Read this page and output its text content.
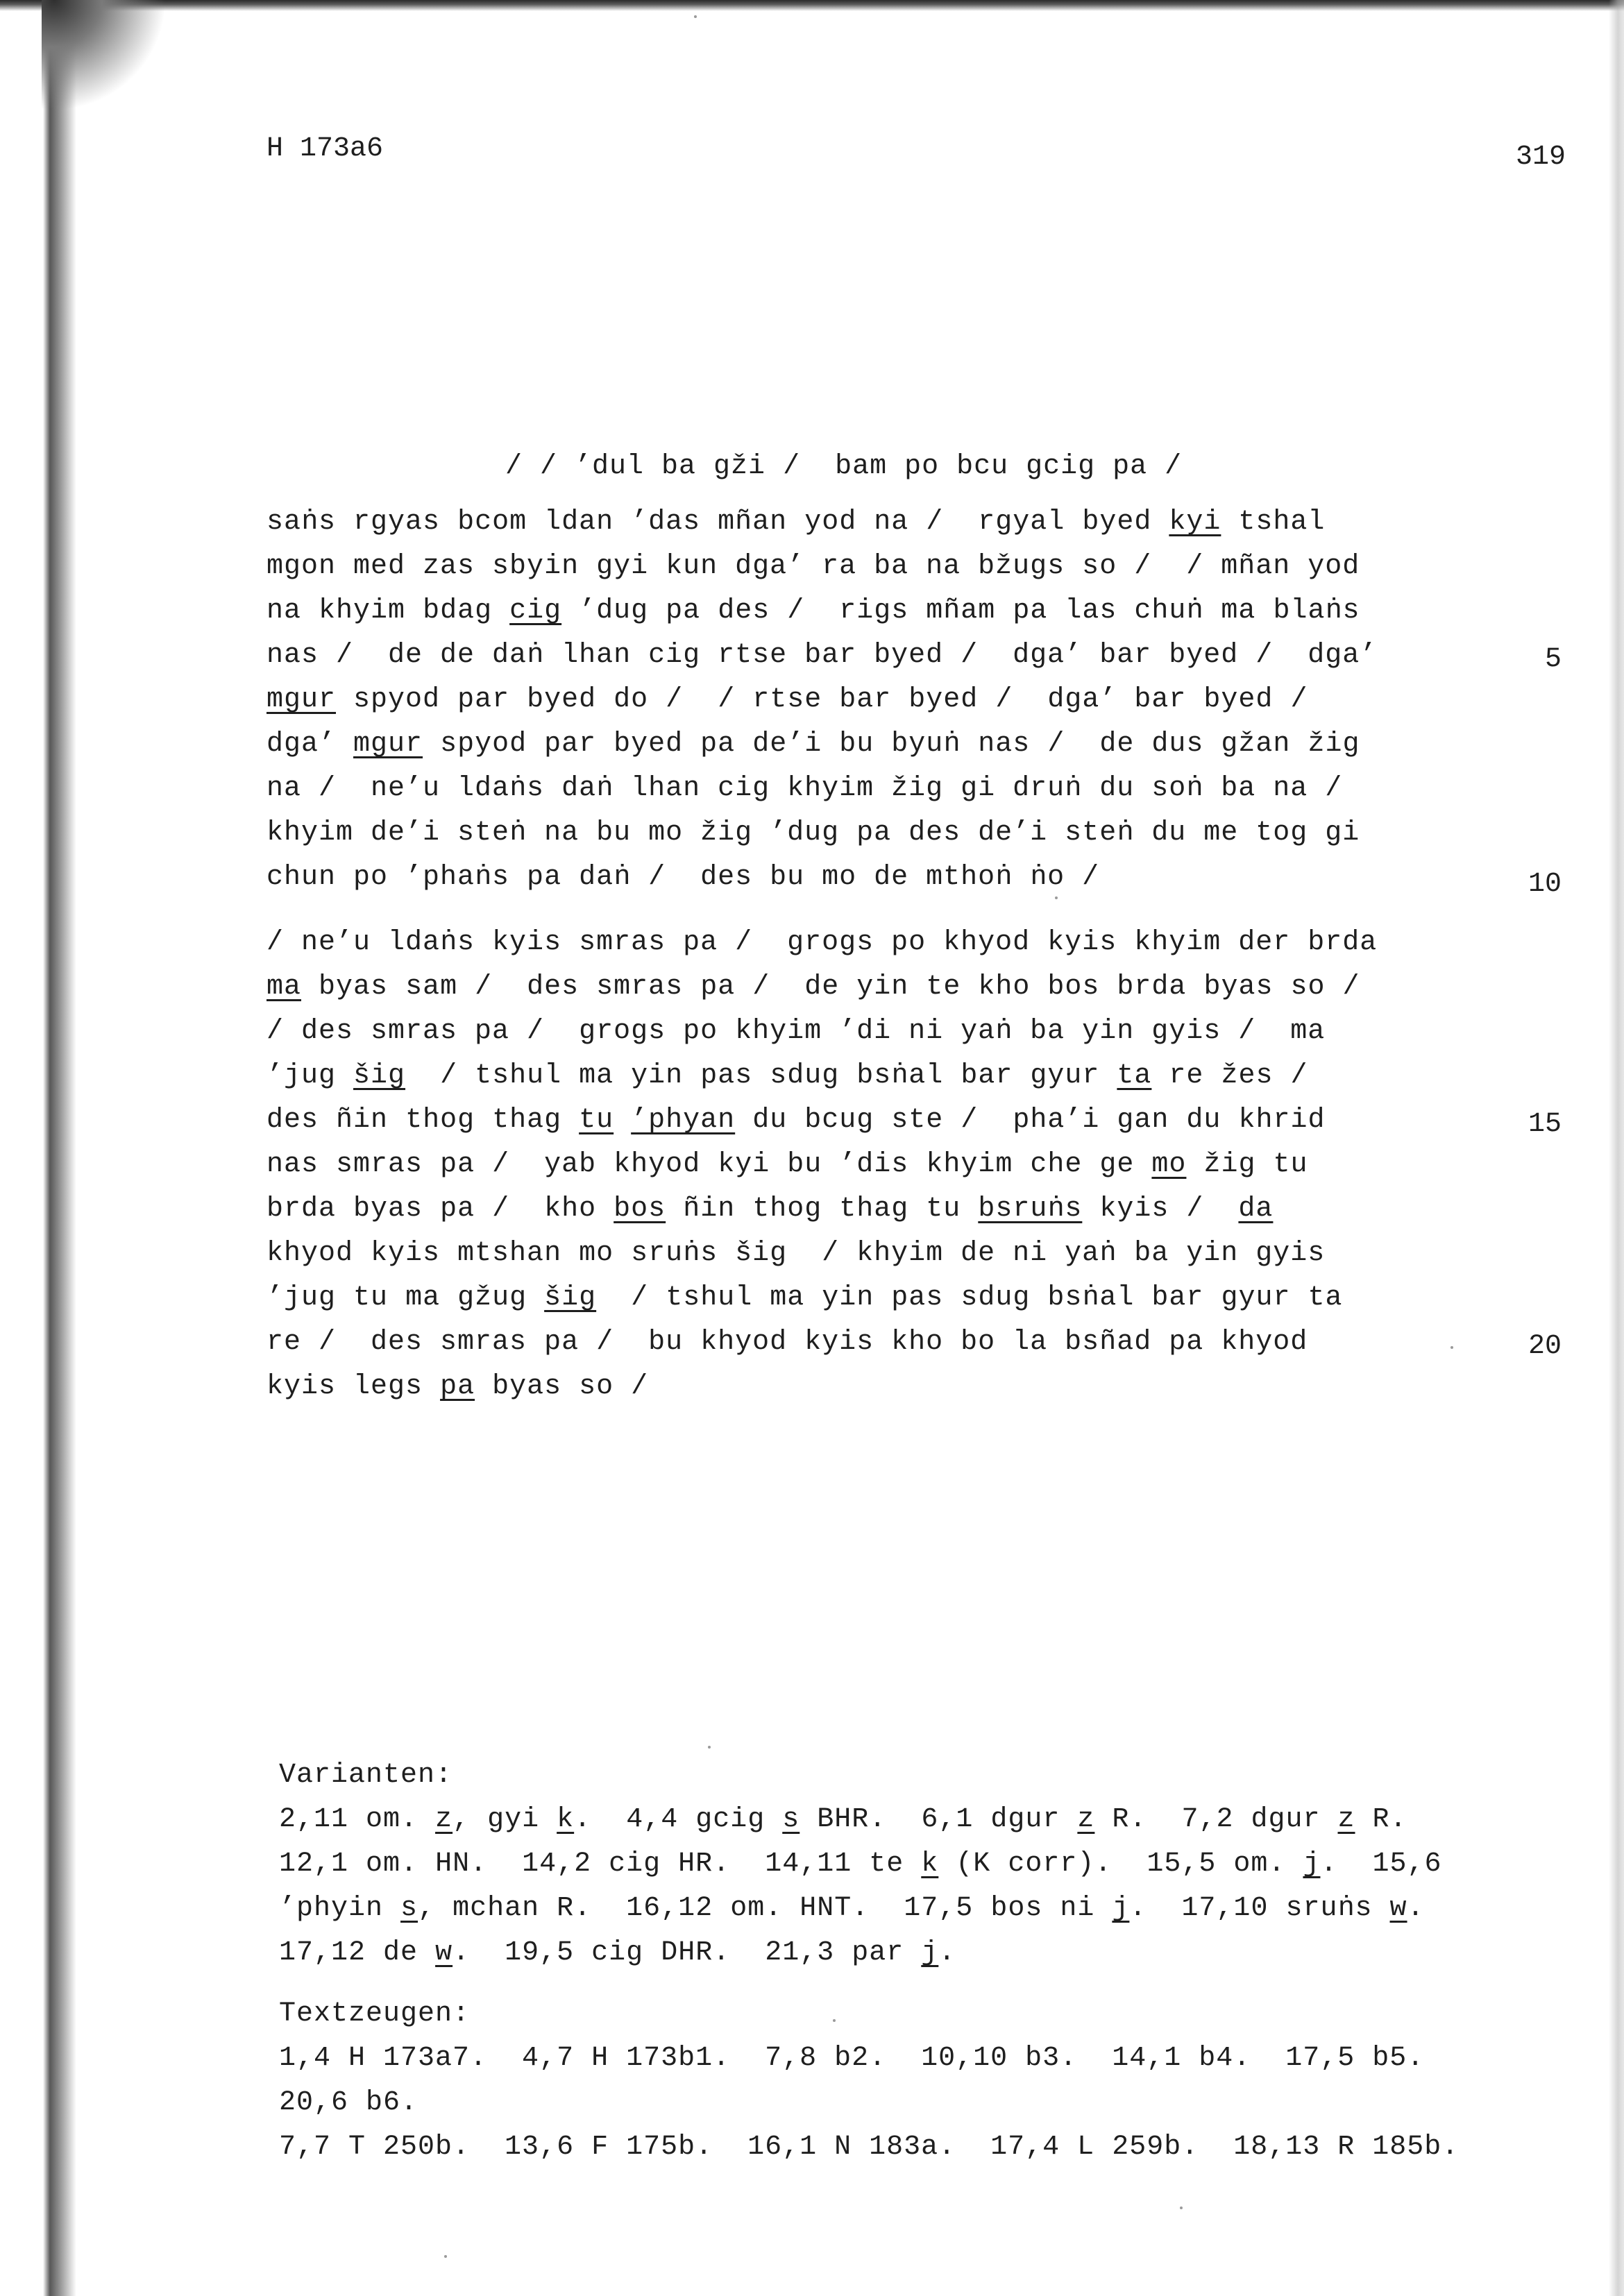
H 173a6	319
/ / ’dul ba gži /  bam po bcu gcig pa /
saṅs rgyas bcom ldan ’das mñan yod na / rgyal byed kyi tshal
mgon med zas sbyin gyi kun dga’ ra ba na bžugs so /  / mñan yod
na khyim bdag cig ’dug pa des / rigs mñam pa las chuṅ ma blaṅs
nas /  de de daṅ lhan cig rtse bar byed /  dga’ bar byed /  dga’
mgur spyod par byed do / / rtse bar byed / dga’ bar byed /
dga’ mgur spyod par byed pa de’i bu byuṅ nas / de dus gžan žig
na /  ne’u ldaṅs daṅ lhan cig khyim žig gi druṅ du soṅ ba na /
khyim de’i steṅ na bu mo žig ’dug pa des de’i steṅ du me tog gi
chun po ’phaṅs pa daṅ /  des bu mo de mthoṅ ṅo /
/ ne’u ldaṅs kyis smras pa /  grogs po khyod kyis khyim der brda
ma byas sam / des smras pa / de yin te kho bos brda byas so /
/ des smras pa /  grogs po khyim ’di ni yaṅ ba yin gyis /  ma
’jug šig / tshul ma yin pas sdug bsṅal bar gyur ta re žes /
des ñin thog thag tu ’phyan du bcug ste / pha’i gan du khrid
nas smras pa / yab khyod kyi bu ’dis khyim che ge mo žig tu
brda byas pa / kho bos ñin thog thag tu bsruṅs kyis / da
khyod kyis mtshan mo sruṅs šig  / khyim de ni yaṅ ba yin gyis
’jug tu ma gžug šig / tshul ma yin pas sdug bsṅal bar gyur ta
re /  des smras pa /  bu khyod kyis kho bo la bsñad pa khyod
kyis legs pa byas so /
5
10
15
20
Varianten:
2,11 om. z, gyi k. 4,4 gcig s BHR. 6,1 dgur z R. 7,2 dgur z R.
12,1 om. HN. 14,2 cig HR. 14,11 te k (K corr). 15,5 om. j. 15,6
’phyin s, mchan R. 16,12 om. HNT. 17,5 bos ni j. 17,10 sruṅs w.
17,12 de w. 19,5 cig DHR. 21,3 par j.
Textzeugen:
1,4 H 173a7.  4,7 H 173b1.  7,8 b2.  10,10 b3.  14,1 b4.  17,5 b5.
20,6 b6.
7,7 T 250b.  13,6 F 175b.  16,1 N 183a.  17,4 L 259b.  18,13 R 185b.
